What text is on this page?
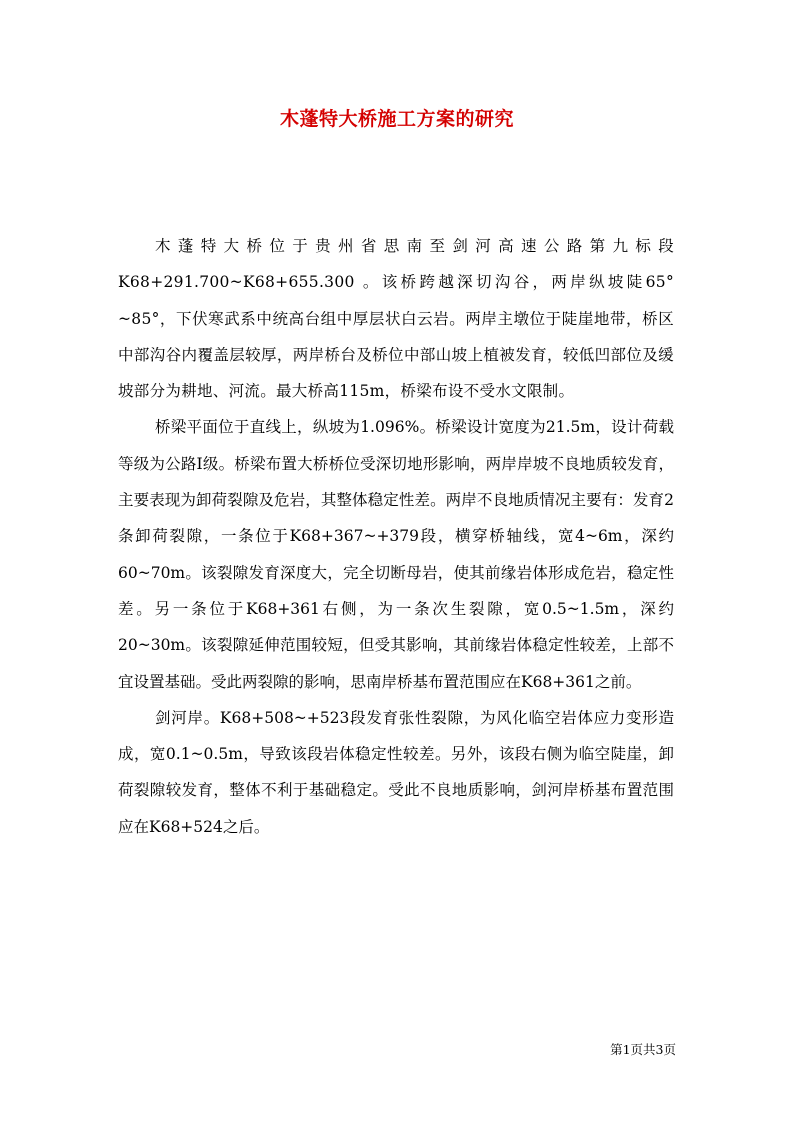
木蓬特大桥施工方案的研究

木蓬特大桥位于贵州省思南至剑河高速公路第九标段K68+291.700~K68+655.300 。该桥跨越深切沟谷，两岸纵坡陡65° ~85°，下伏寒武系中统高台组中厚层状白云岩。两岸主墩位于陡崖地带，桥区中部沟谷内覆盖层较厚，两岸桥台及桥位中部山坡上植被发育，较低凹部位及缓坡部分为耕地、河流。最大桥高115m，桥梁布设不受水文限制。

桥梁平面位于直线上，纵坡为1.096%。桥梁设计宽度为21.5m，设计荷载等级为公路Ⅰ级。桥梁布置大桥桥位受深切地形影响，两岸岸坡不良地质较发育，主要表现为卸荷裂隙及危岩，其整体稳定性差。两岸不良地质情况主要有：发育2条卸荷裂隙，一条位于K68+367~+379段，横穿桥轴线，宽4~6m，深约60~70m。该裂隙发育深度大，完全切断母岩，使其前缘岩体形成危岩，稳定性差。另一条位于K68+361右侧，为一条次生裂隙，宽0.5~1.5m，深约20~30m。该裂隙延伸范围较短，但受其影响，其前缘岩体稳定性较差，上部不宜设置基础。受此两裂隙的影响，思南岸桥基布置范围应在K68+361之前。

剑河岸。K68+508~+523段发育张性裂隙，为风化临空岩体应力变形造成，宽0.1~0.5m，导致该段岩体稳定性较差。另外，该段右侧为临空陡崖，卸荷裂隙较发育，整体不利于基础稳定。受此不良地质影响，剑河岸桥基布置范围应在K68+524之后。

第1页共3页
